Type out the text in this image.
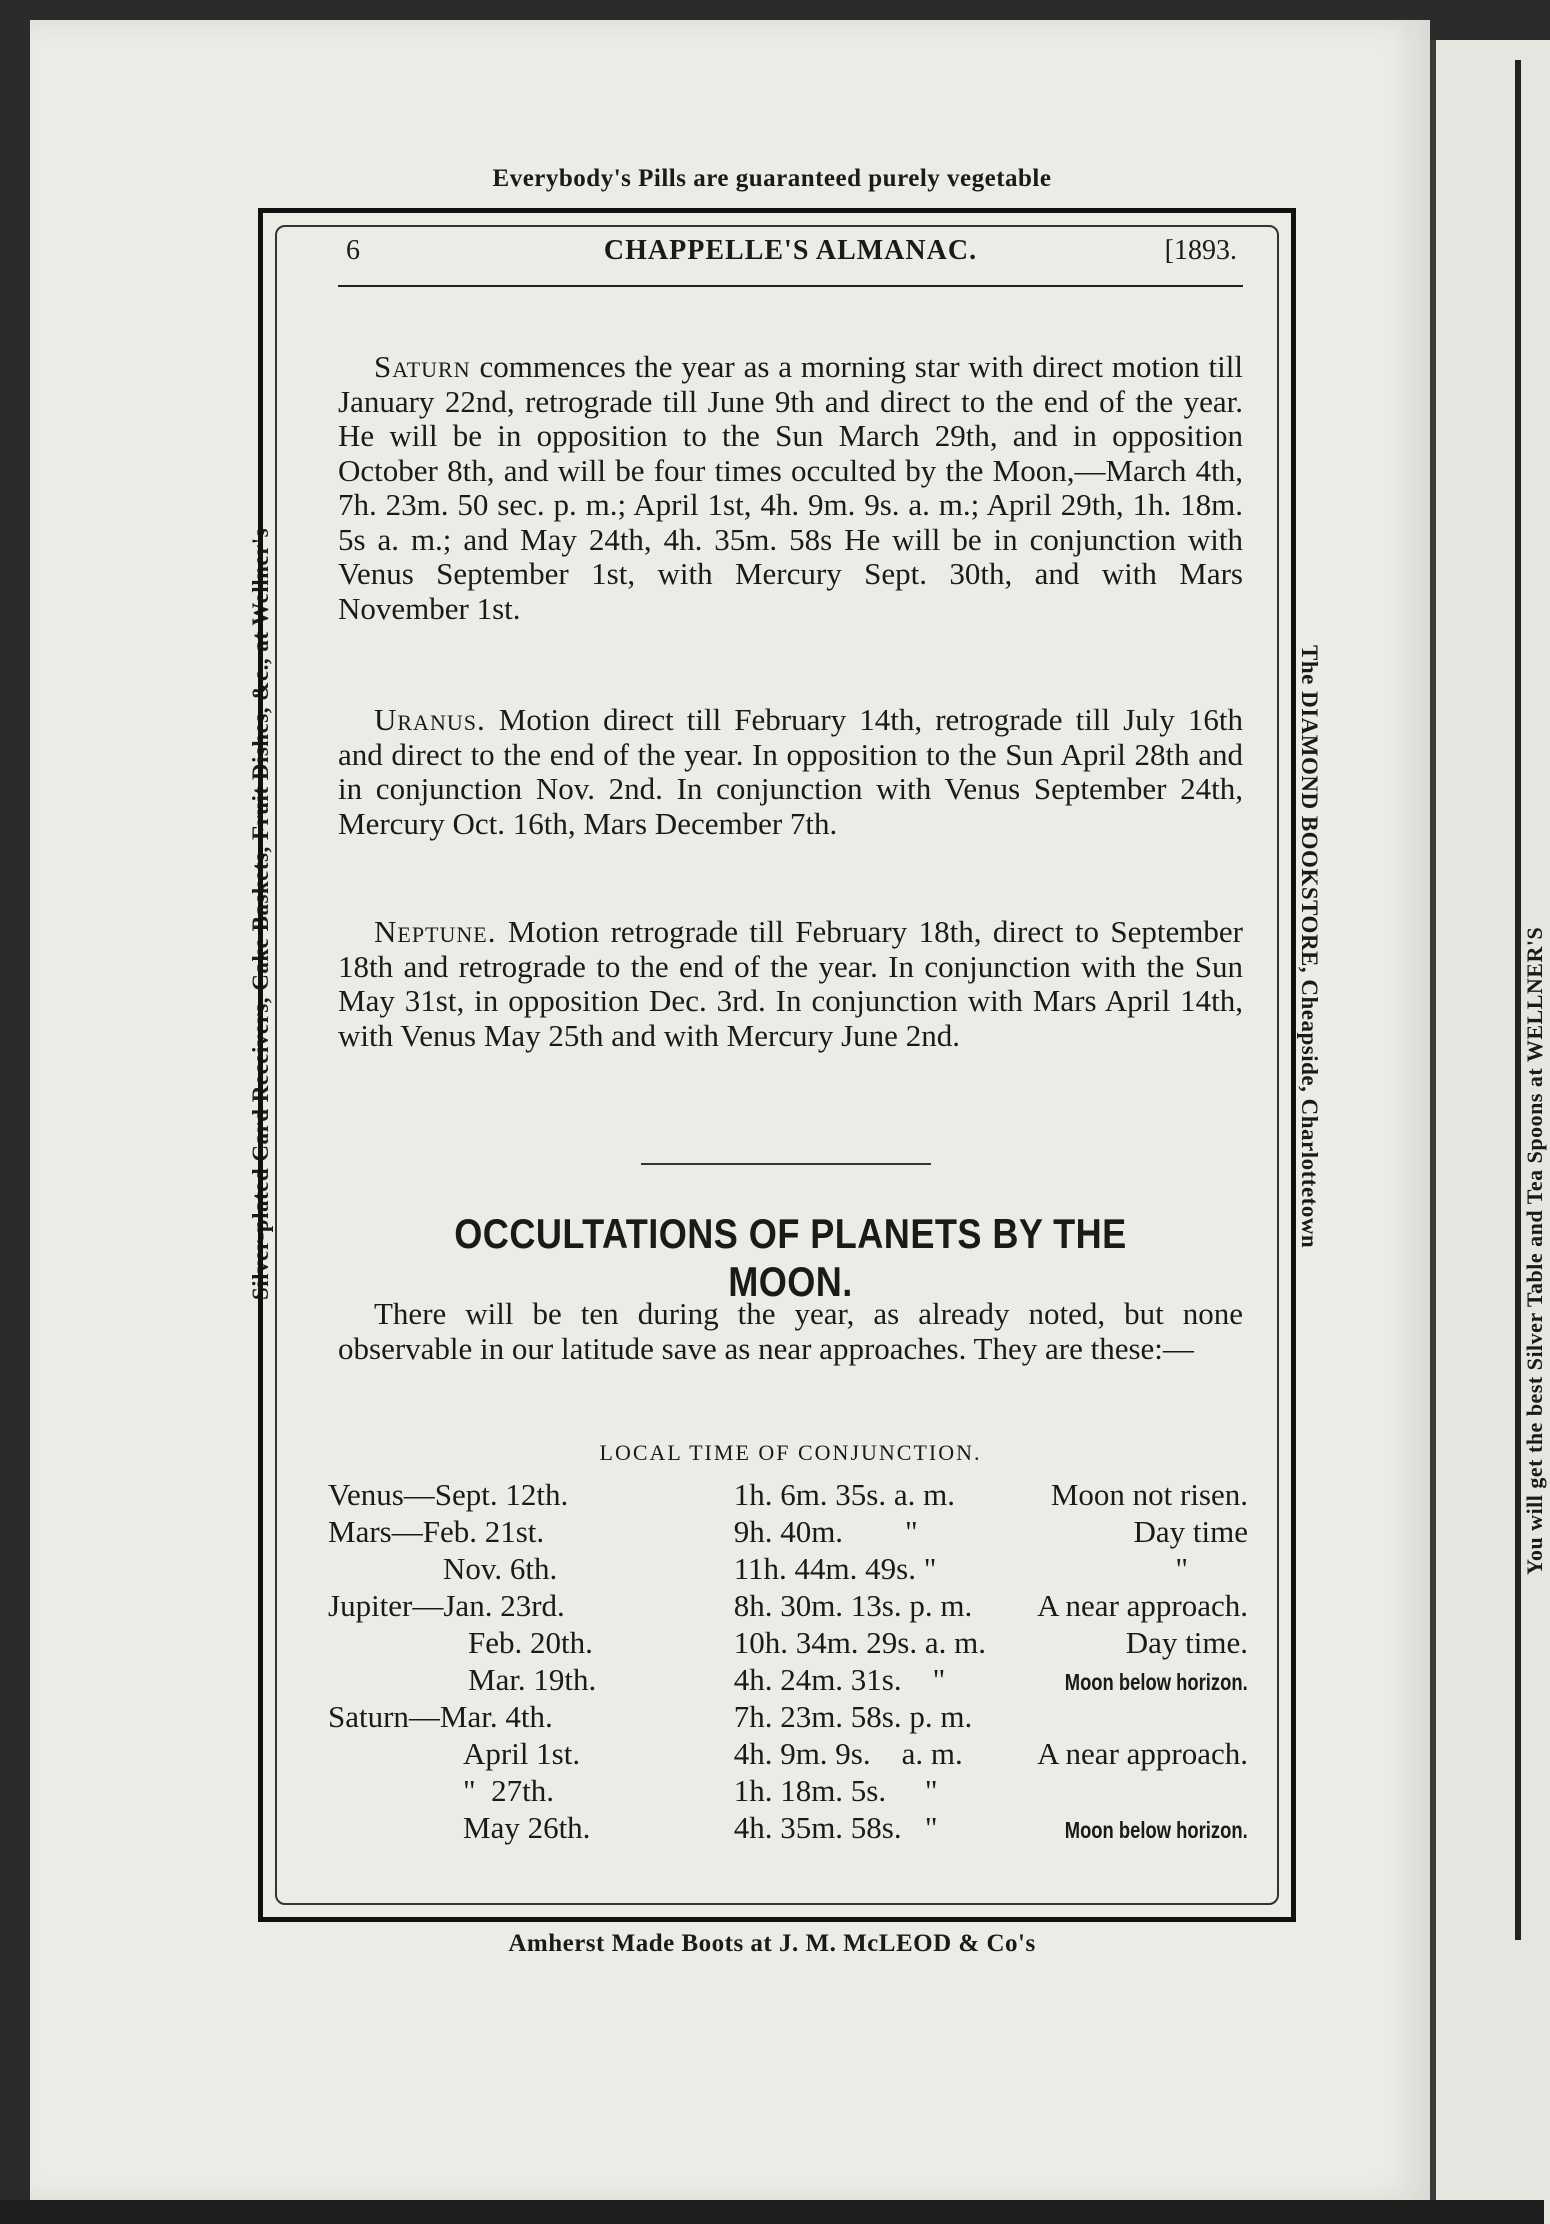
Everybody's Pills are guaranteed purely vegetable
Silver-plated Card Receivers, Cake Baskets, Fruit Dishes, &c., at Wellner's	The DIAMOND BOOKSTORE, Cheapside, Charlottetown	You will get the best Silver Table and Tea Spoons at WELLNER'S
6	CHAPPELLE'S ALMANAC.	[1893.

Saturn commences the year as a morning star with direct motion till January 22nd, retrograde till June 9th and direct to the end of the year. He will be in opposition to the Sun March 29th, and in opposition October 8th, and will be four times occulted by the Moon,—March 4th, 7h. 23m. 50 sec. p. m.; April 1st, 4h. 9m. 9s. a. m.; April 29th, 1h. 18m. 5s a. m.; and May 24th, 4h. 35m. 58s He will be in conjunction with Venus September 1st, with Mercury Sept. 30th, and with Mars November 1st.

Uranus. Motion direct till February 14th, retrograde till July 16th and direct to the end of the year. In opposition to the Sun April 28th and in conjunction Nov. 2nd. In conjunction with Venus September 24th, Mercury Oct. 16th, Mars December 7th.

Neptune. Motion retrograde till February 18th, direct to September 18th and retrograde to the end of the year. In conjunction with the Sun May 31st, in opposition Dec. 3rd. In conjunction with Mars April 14th, with Venus May 25th and with Mercury June 2nd.

OCCULTATIONS OF PLANETS BY THE MOON.

There will be ten during the year, as already noted, but none observable in our latitude save as near approaches. They are these:—

LOCAL TIME OF CONJUNCTION.
Venus—Sept. 12th.	1h. 6m. 35s. a. m.	Moon not risen.
Mars—Feb. 21st.	9h. 40m.        "	Day time
Nov. 6th.	11h. 44m. 49s. "	"
Jupiter—Jan. 23rd.	8h. 30m. 13s. p. m.	A near approach.
Feb. 20th.	10h. 34m. 29s. a. m.	Day time.
Mar. 19th.	4h. 24m. 31s.    "	Moon below horizon.
Saturn—Mar. 4th.	7h. 23m. 58s. p. m.	
April 1st.	4h. 9m. 9s.    a. m.	A near approach.
"  27th.	1h. 18m. 5s.     "	
May 26th.	4h. 35m. 58s.   "	Moon below horizon.
Amherst Made Boots at J. M. McLEOD & Co's
